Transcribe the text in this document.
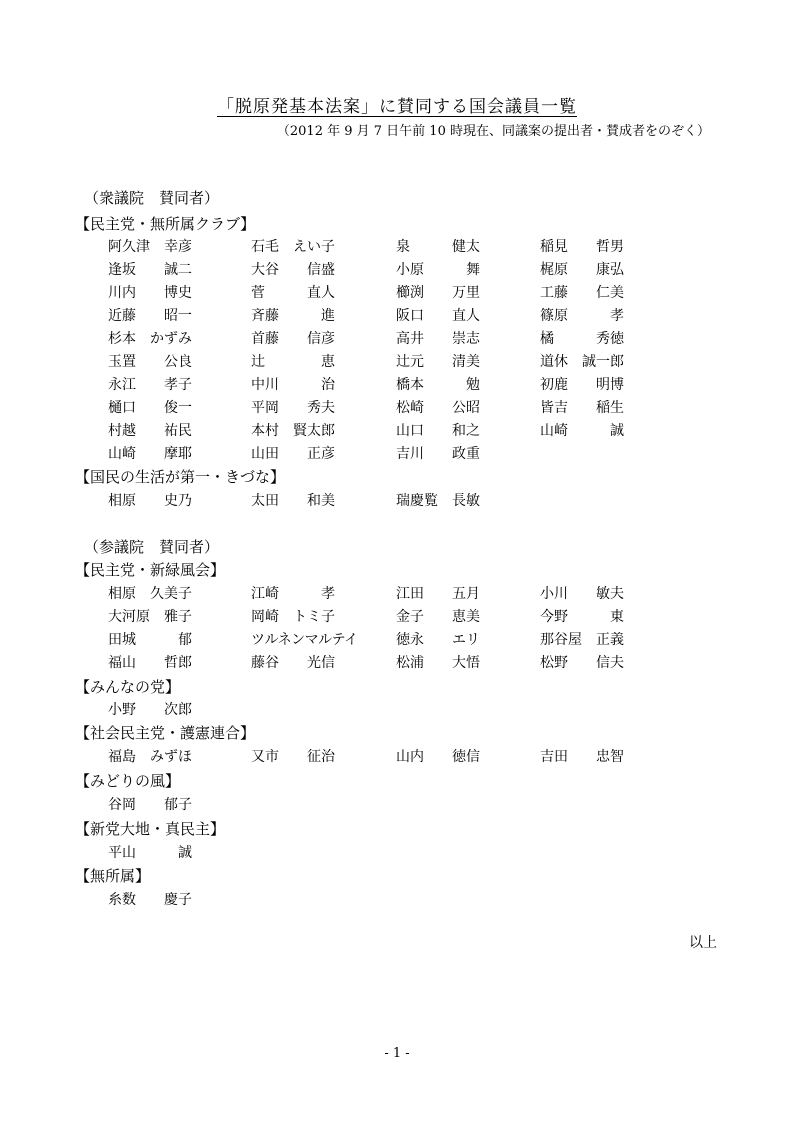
「脱原発基本法案」に賛同する国会議員一覧
（2012 年 9 月 7 日午前 10 時現在、同議案の提出者・賛成者をのぞく）
（衆議院　賛同者）
【民主党・無所属クラブ】
阿久津　幸彦	石毛　えい子	泉　　　健太	稲見　　哲男
逢坂　　誠二	大谷　　信盛	小原　　　舞	梶原　　康弘
川内　　博史	菅　　　直人	櫛渕　　万里	工藤　　仁美
近藤　　昭一	斉藤　　　進	阪口　　直人	篠原　　　孝
杉本　かずみ	首藤　　信彦	高井　　崇志	橘　　　秀徳
玉置　　公良	辻　　　　恵	辻元　　清美	道休　誠一郎
永江　　孝子	中川　　　治	橋本　　　勉	初鹿　　明博
樋口　　俊一	平岡　　秀夫	松崎　　公昭	皆吉　　稲生
村越　　祐民	本村　賢太郎	山口　　和之	山崎　　　誠
山崎　　摩耶	山田　　正彦	吉川　　政重
【国民の生活が第一・きづな】
相原　　史乃	太田　　和美	瑞慶覧　長敏
（参議院　賛同者）
【民主党・新緑風会】
相原　久美子	江崎　　　孝	江田　　五月	小川　　敏夫
大河原　雅子	岡崎　トミ子	金子　　恵美	今野　　　東
田城　　　郁	ツルネンマルテイ	徳永　　エリ	那谷屋　正義
福山　　哲郎	藤谷　　光信	松浦　　大悟	松野　　信夫
【みんなの党】
小野　　次郎
【社会民主党・護憲連合】
福島　みずほ	又市　　征治	山内　　徳信	吉田　　忠智
【みどりの風】
谷岡　　郁子
【新党大地・真民主】
平山　　　誠
【無所属】
糸数　　慶子
以上
- 1 -
